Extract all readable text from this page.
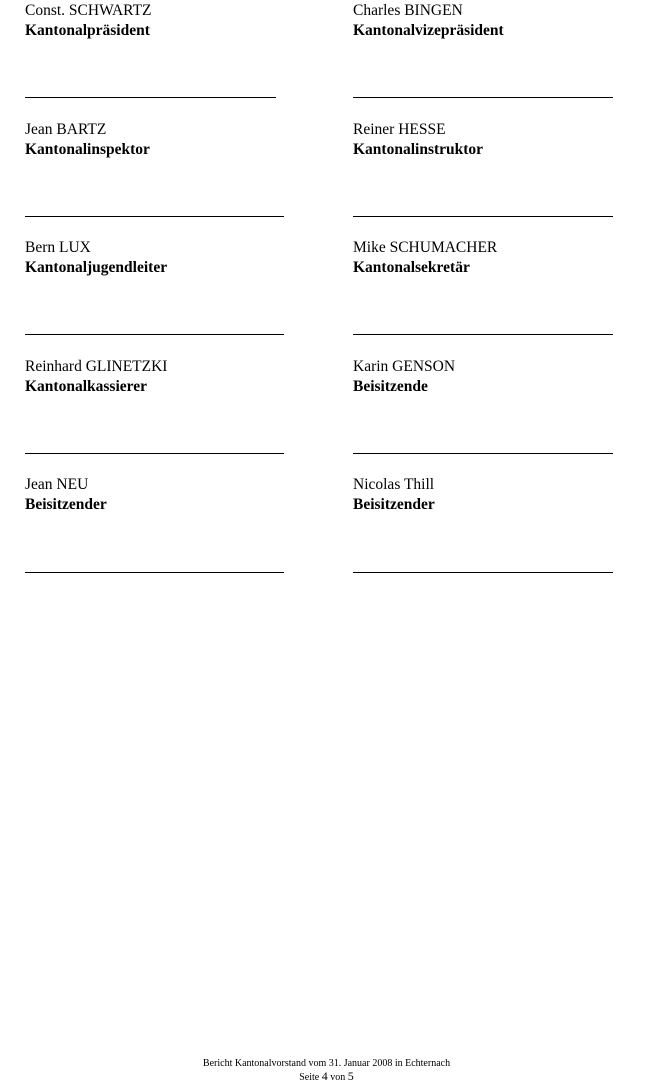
Const. SCHWARTZ
Kantonalpräsident
Charles BINGEN
Kantonalvizepräsident
Jean BARTZ
Kantonalinspektor
Reiner HESSE
Kantonalinstruktor
Bern LUX
Kantonaljugendleiter
Mike SCHUMACHER
Kantonalsekretär
Reinhard GLINETZKI
Kantonalkassierer
Karin GENSON
Beisitzende
Jean NEU
Beisitzender
Nicolas Thill
Beisitzender
Bericht Kantonalvorstand vom 31. Januar 2008 in Echternach
Seite 4 von 5
